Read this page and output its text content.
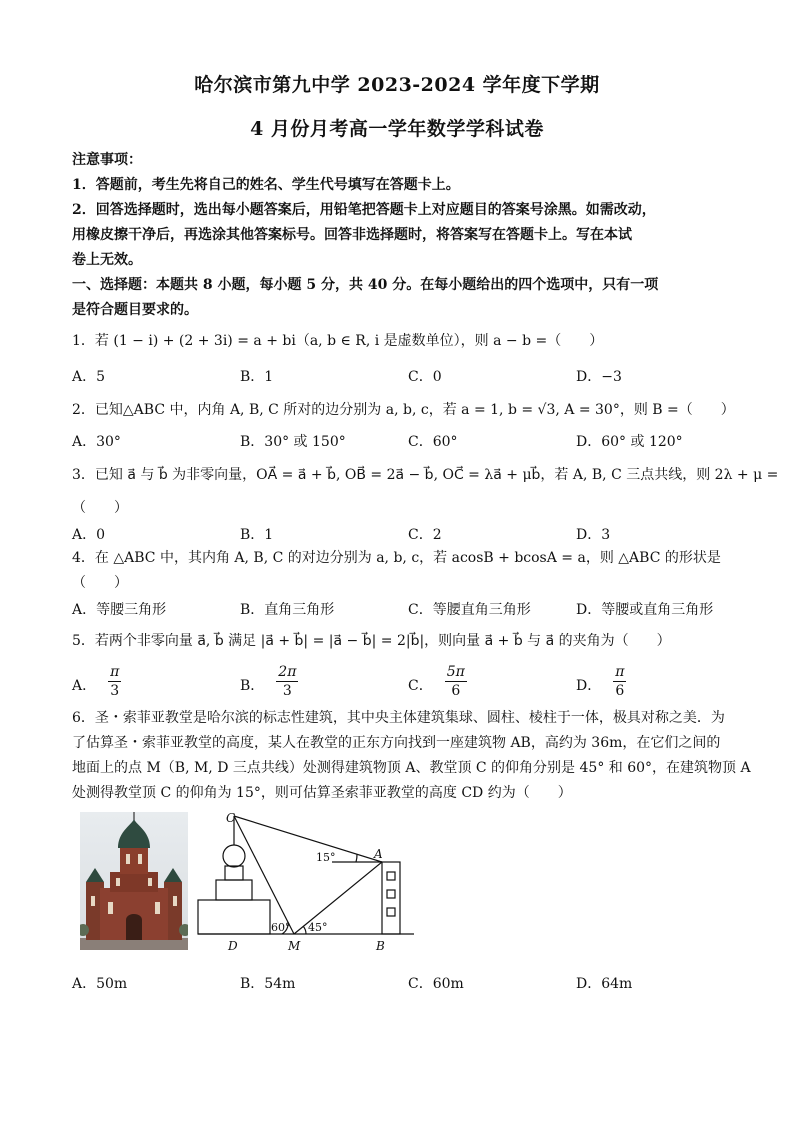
哈尔滨市第九中学 2023-2024 学年度下学期
4 月份月考高一学年数学学科试卷
注意事项：
1．答题前，考生先将自己的姓名、学生代号填写在答题卡上。
2．回答选择题时，选出每小题答案后，用铅笔把答题卡上对应题目的答案号涂黑。如需改动，
用橡皮擦干净后，再选涂其他答案标号。回答非选择题时，将答案写在答题卡上。写在本试
卷上无效。
一、选择题：本题共 8 小题，每小题 5 分，共 40 分。在每小题给出的四个选项中，只有一项
是符合题目要求的。
1．若 (1 − i) + (2 + 3i) = a + bi（a, b ∈ R, i 是虚数单位），则 a − b =（　　）
A．5	B．1	C．0	D．−3
2．已知△ABC 中，内角 A, B, C 所对的边分别为 a, b, c，若 a = 1, b = √3, A = 30°，则 B =（　　）
A．30°	B．30° 或 150°	C．60°	D．60° 或 120°
3．已知 a⃗ 与 b⃗ 为非零向量，OA⃗ = a⃗ + b⃗, OB⃗ = 2a⃗ − b⃗, OC⃗ = λa⃗ + μb⃗，若 A, B, C 三点共线，则 2λ + μ =
（　　）
A．0	B．1	C．2	D．3
4．在 △ABC 中，其内角 A, B, C 的对边分别为 a, b, c，若 acosB + bcosA = a，则 △ABC 的形状是
（　　）
A．等腰三角形	B．直角三角形	C．等腰直角三角形	D．等腰或直角三角形
5．若两个非零向量 a⃗, b⃗ 满足 |a⃗ + b⃗| = |a⃗ − b⃗| = 2|b⃗|，则向量 a⃗ + b⃗ 与 a⃗ 的夹角为（　　）
A． $\frac{\pi}{3}$	B． $\frac{2\pi}{3}$	C． $\frac{5\pi}{6}$	D． $\frac{\pi}{6}$
6．圣・索菲亚教堂是哈尔滨的标志性建筑，其中央主体建筑集球、圆柱、棱柱于一体，极具对称之美．为
了估算圣・索菲亚教堂的高度，某人在教堂的正东方向找到一座建筑物 AB，高约为 36m，在它们之间的
地面上的点 M（B, M, D 三点共线）处测得建筑物顶 A、教堂顶 C 的仰角分别是 45° 和 60°，在建筑物顶 A
处测得教堂顶 C 的仰角为 15°，则可估算圣索菲亚教堂的高度 CD 约为（　　）
C
A
D	M	B
15°
60° 45°
A．50m	B．54m	C．60m	D．64m
